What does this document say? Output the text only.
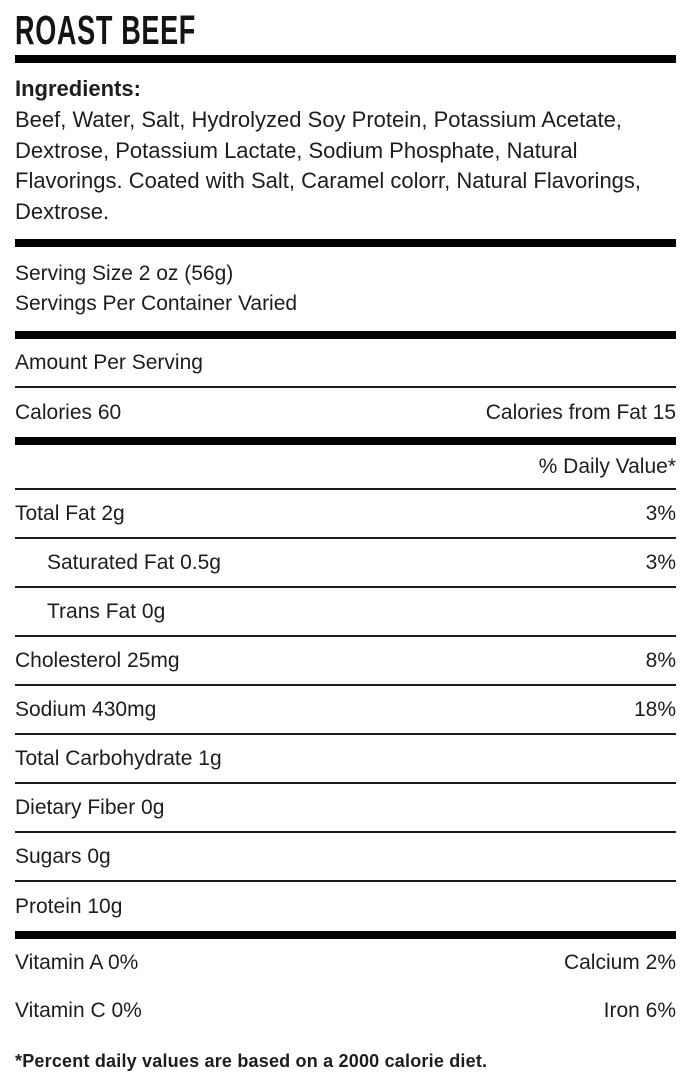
ROAST BEEF
Ingredients:
Beef, Water, Salt, Hydrolyzed Soy Protein, Potassium Acetate, Dextrose, Potassium Lactate, Sodium Phosphate, Natural Flavorings. Coated with Salt, Caramel colorr, Natural Flavorings, Dextrose.
Serving Size 2 oz (56g)
Servings Per Container Varied
Amount Per Serving
Calories 60	Calories from Fat 15
% Daily Value*
Total Fat 2g	3%
Saturated Fat 0.5g	3%
Trans Fat 0g
Cholesterol 25mg	8%
Sodium 430mg	18%
Total Carbohydrate 1g
Dietary Fiber 0g
Sugars 0g
Protein 10g
Vitamin A 0%	Calcium 2%
Vitamin C 0%	Iron 6%
*Percent daily values are based on a 2000 calorie diet.
